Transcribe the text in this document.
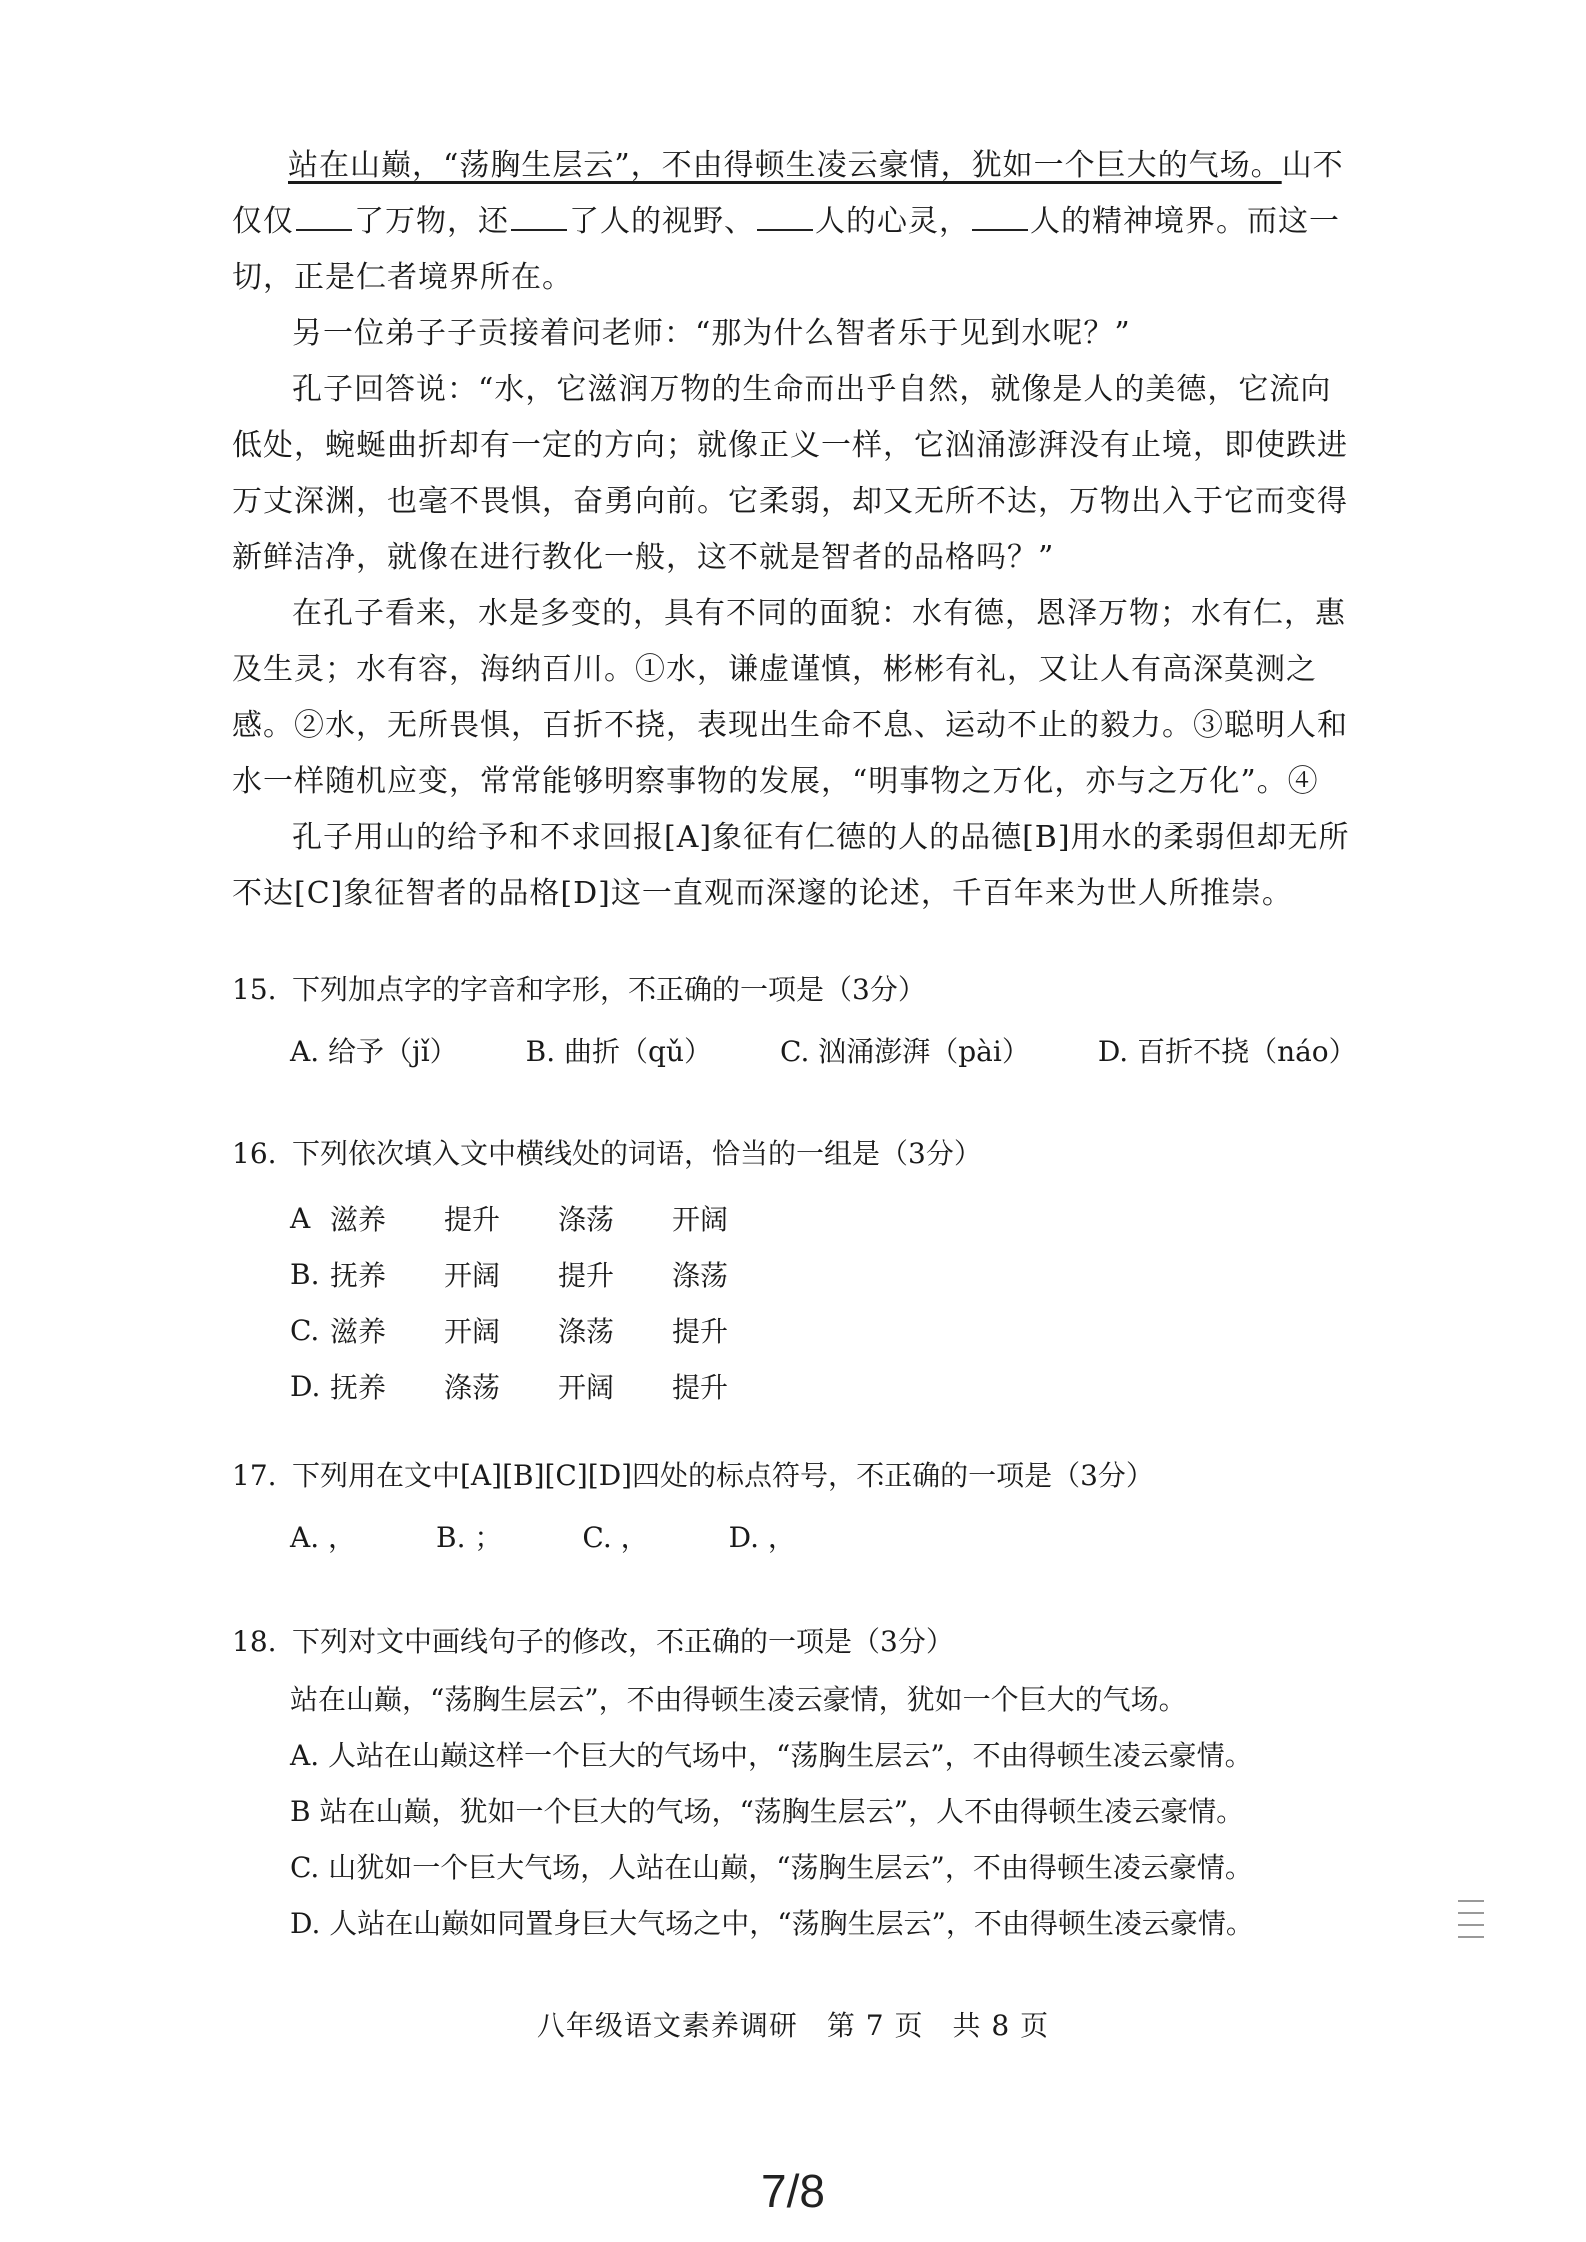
站在山巅，“荡胸生层云”，不由得顿生凌云豪情，犹如一个巨大的气场。山不仅仅 了万物，还 了人的视野、 人的心灵， 人的精神境界。而这一切，正是仁者境界所在。

另一位弟子子贡接着问老师：“那为什么智者乐于见到水呢？”

孔子回答说：“水，它滋润万物的生命而出乎自然，就像是人的美德，它流向低处，蜿蜒曲折却有一定的方向；就像正义一样，它汹涌澎湃没有止境，即使跌进万丈深渊，也毫不畏惧，奋勇向前。它柔弱，却又无所不达，万物出入于它而变得新鲜洁净，就像在进行教化一般，这不就是智者的品格吗？”

在孔子看来，水是多变的，具有不同的面貌：水有德，恩泽万物；水有仁，惠及生灵；水有容，海纳百川。①水，谦虚谨慎，彬彬有礼，又让人有高深莫测之感。②水，无所畏惧，百折不挠，表现出生命不息、运动不止的毅力。③聪明人和水一样随机应变，常常能够明察事物的发展，“明事物之万化，亦与之万化”。④

孔子用山的给予和不求回报[A]象征有仁德的人的品德[B]用水的柔弱但却无所不达[C]象征智者的品格[D]这一直观而深邃的论述，千百年来为世人所推崇。

15. 下列加点字的字音和字形，不正确 • •的一项是（3分）
A. 给予（jǐ） B. 曲折（qǔ） C. 汹涌澎湃（pài） D. 百折不挠（náo）
16. 下列依次填入文中横线处的词语，恰当的一组是（3分）
A 滋养	提升	涤荡	开阔
B. 抚养	开阔	提升	涤荡
C. 滋养	开阔	涤荡	提升
D. 抚养	涤荡	开阔	提升
17. 下列用在文中[A][B][C][D]四处的标点符号，不正确 • •的一项是（3分）
A. ，	B. ；	C. ，	D. ，
18. 下列对文中画线句子的修改，不正确 • •的一项是（3分）
站在山巅，“荡胸生层云”，不由得顿生凌云豪情，犹如一个巨大的气场。
A. 人站在山巅这样一个巨大的气场中，“荡胸生层云”，不由得顿生凌云豪情。
B 站在山巅，犹如一个巨大的气场，“荡胸生层云”，人不由得顿生凌云豪情。
C. 山犹如一个巨大气场，人站在山巅，“荡胸生层云”，不由得顿生凌云豪情。
D. 人站在山巅如同置身巨大气场之中，“荡胸生层云”，不由得顿生凌云豪情。
八年级语文素养调研　第 7 页　共 8 页
7/8
